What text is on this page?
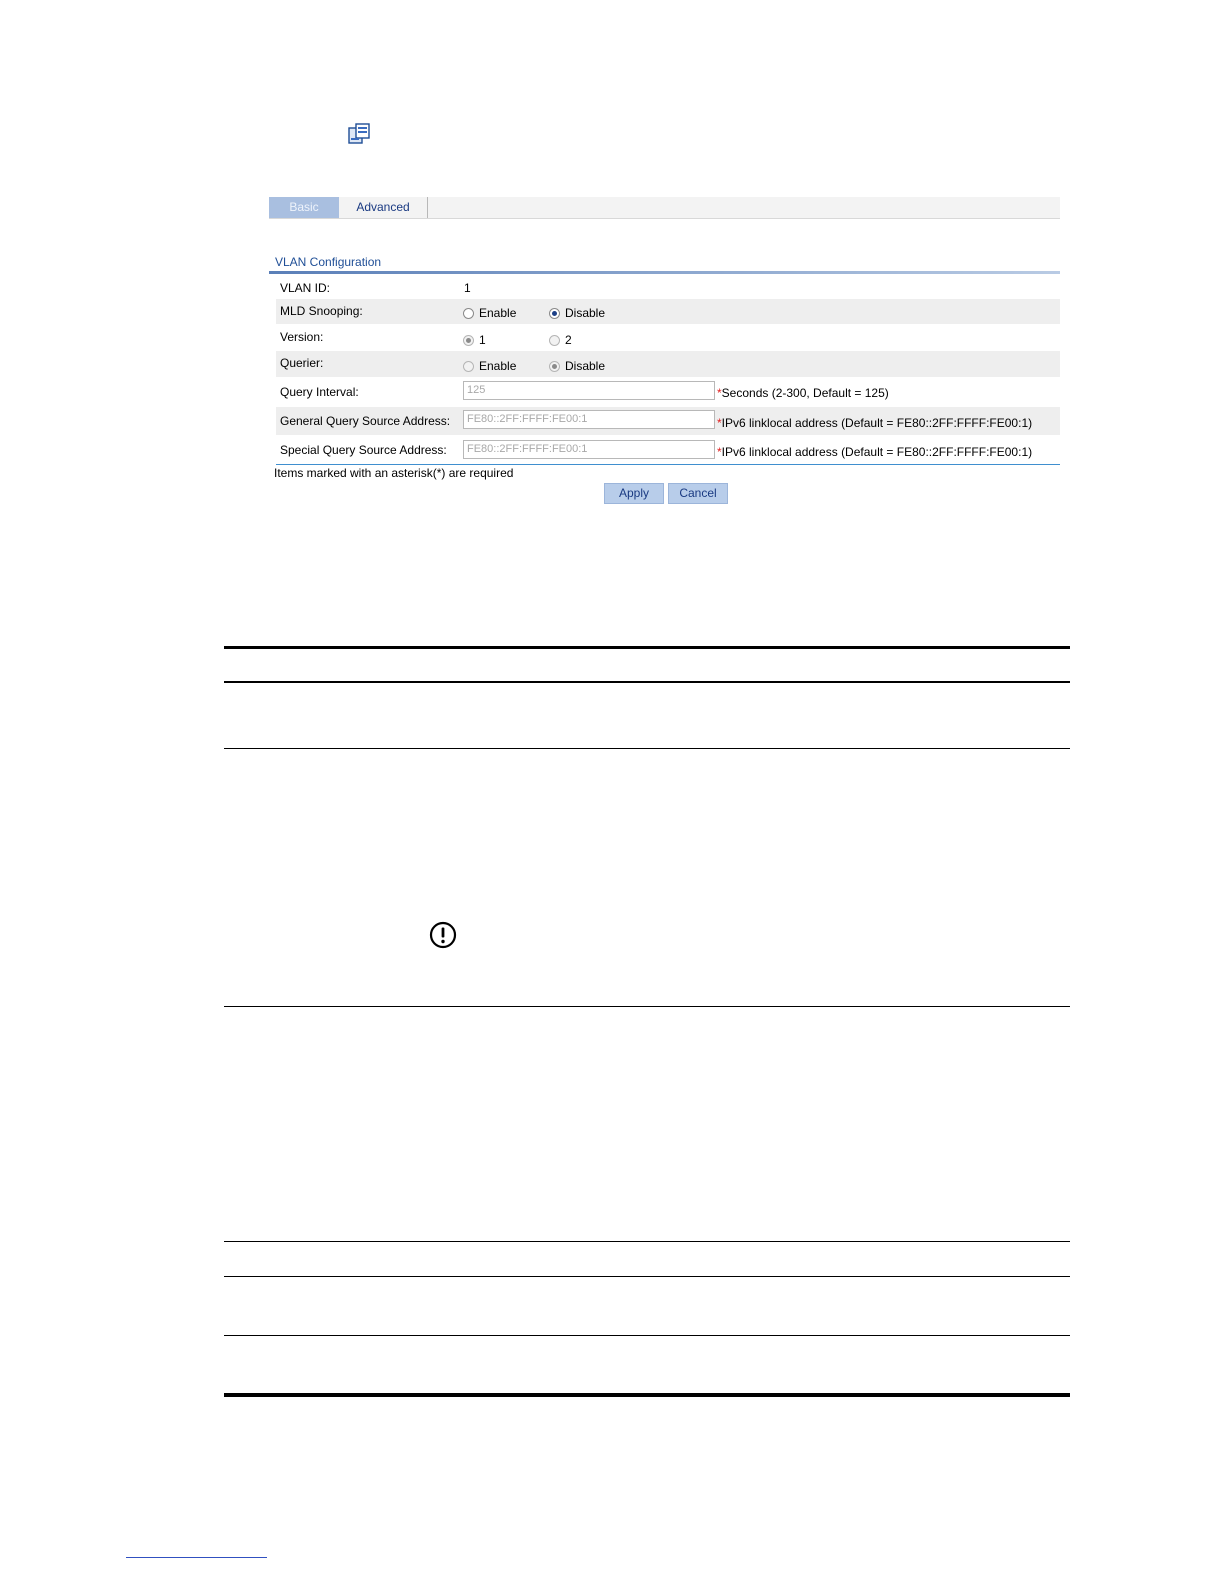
Basic	Advanced
VLAN Configuration
VLAN ID:	1
MLD Snooping:	Enable	Disable
Version:	1	2
Querier:	Enable	Disable
Query Interval:	125	*Seconds (2-300, Default = 125)
General Query Source Address:	FE80::2FF:FFFF:FE00:1	*IPv6 linklocal address (Default = FE80::2FF:FFFF:FE00:1)
Special Query Source Address:	FE80::2FF:FFFF:FE00:1	*IPv6 linklocal address (Default = FE80::2FF:FFFF:FE00:1)
Items marked with an asterisk(*) are required
Apply	Cancel
